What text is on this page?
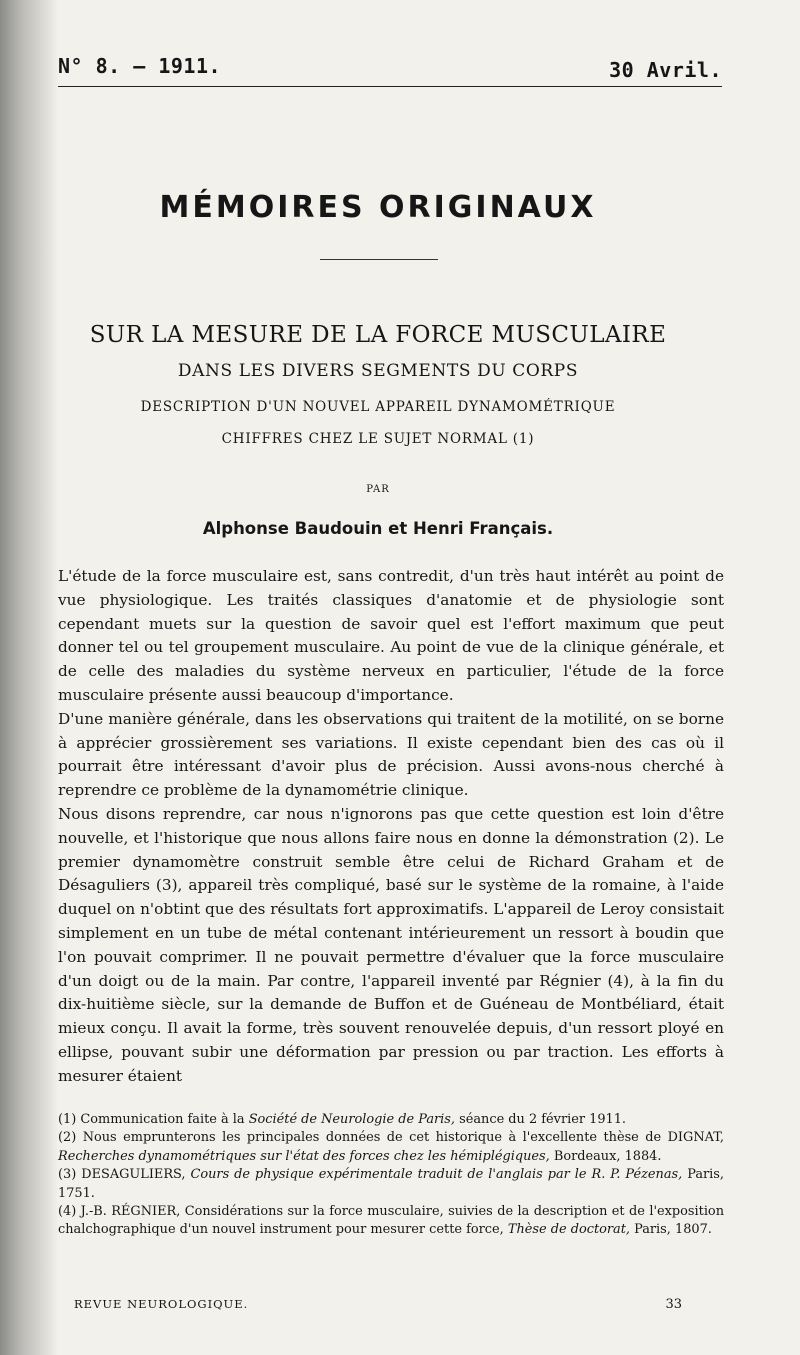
N° 8. — 1911.	30 Avril.
MÉMOIRES ORIGINAUX
SUR LA MESURE DE LA FORCE MUSCULAIRE
DANS LES DIVERS SEGMENTS DU CORPS
DESCRIPTION D'UN NOUVEL APPAREIL DYNAMOMÉTRIQUE
CHIFFRES CHEZ LE SUJET NORMAL (1)
PAR
Alphonse Baudouin et Henri Français.

L'étude de la force musculaire est, sans contredit, d'un très haut intérêt au point de vue physiologique. Les traités classiques d'anatomie et de physiologie sont cependant muets sur la question de savoir quel est l'effort maximum que peut donner tel ou tel groupement musculaire. Au point de vue de la clinique générale, et de celle des maladies du système nerveux en particulier, l'étude de la force musculaire présente aussi beaucoup d'importance.

D'une manière générale, dans les observations qui traitent de la motilité, on se borne à apprécier grossièrement ses variations. Il existe cependant bien des cas où il pourrait être intéressant d'avoir plus de précision. Aussi avons-nous cherché à reprendre ce problème de la dynamométrie clinique.

Nous disons reprendre, car nous n'ignorons pas que cette question est loin d'être nouvelle, et l'historique que nous allons faire nous en donne la démonstration (2). Le premier dynamomètre construit semble être celui de Richard Graham et de Désaguliers (3), appareil très compliqué, basé sur le système de la romaine, à l'aide duquel on n'obtint que des résultats fort approximatifs. L'appareil de Leroy consistait simplement en un tube de métal contenant intérieurement un ressort à boudin que l'on pouvait comprimer. Il ne pouvait permettre d'évaluer que la force musculaire d'un doigt ou de la main. Par contre, l'appareil inventé par Régnier (4), à la fin du dix-huitième siècle, sur la demande de Buffon et de Guéneau de Montbéliard, était mieux conçu. Il avait la forme, très souvent renouvelée depuis, d'un ressort ployé en ellipse, pouvant subir une déformation par pression ou par traction. Les efforts à mesurer étaient

(1) Communication faite à la Société de Neurologie de Paris, séance du 2 février 1911.

(2) Nous emprunterons les principales données de cet historique à l'excellente thèse de DIGNAT, Recherches dynamométriques sur l'état des forces chez les hémiplégiques, Bordeaux, 1884.

(3) DESAGULIERS, Cours de physique expérimentale traduit de l'anglais par le R. P. Pézenas, Paris, 1751.

(4) J.-B. RÉGNIER, Considérations sur la force musculaire, suivies de la description et de l'exposition chalchographique d'un nouvel instrument pour mesurer cette force, Thèse de doctorat, Paris, 1807.

REVUE NEUROLOGIQUE.	33
